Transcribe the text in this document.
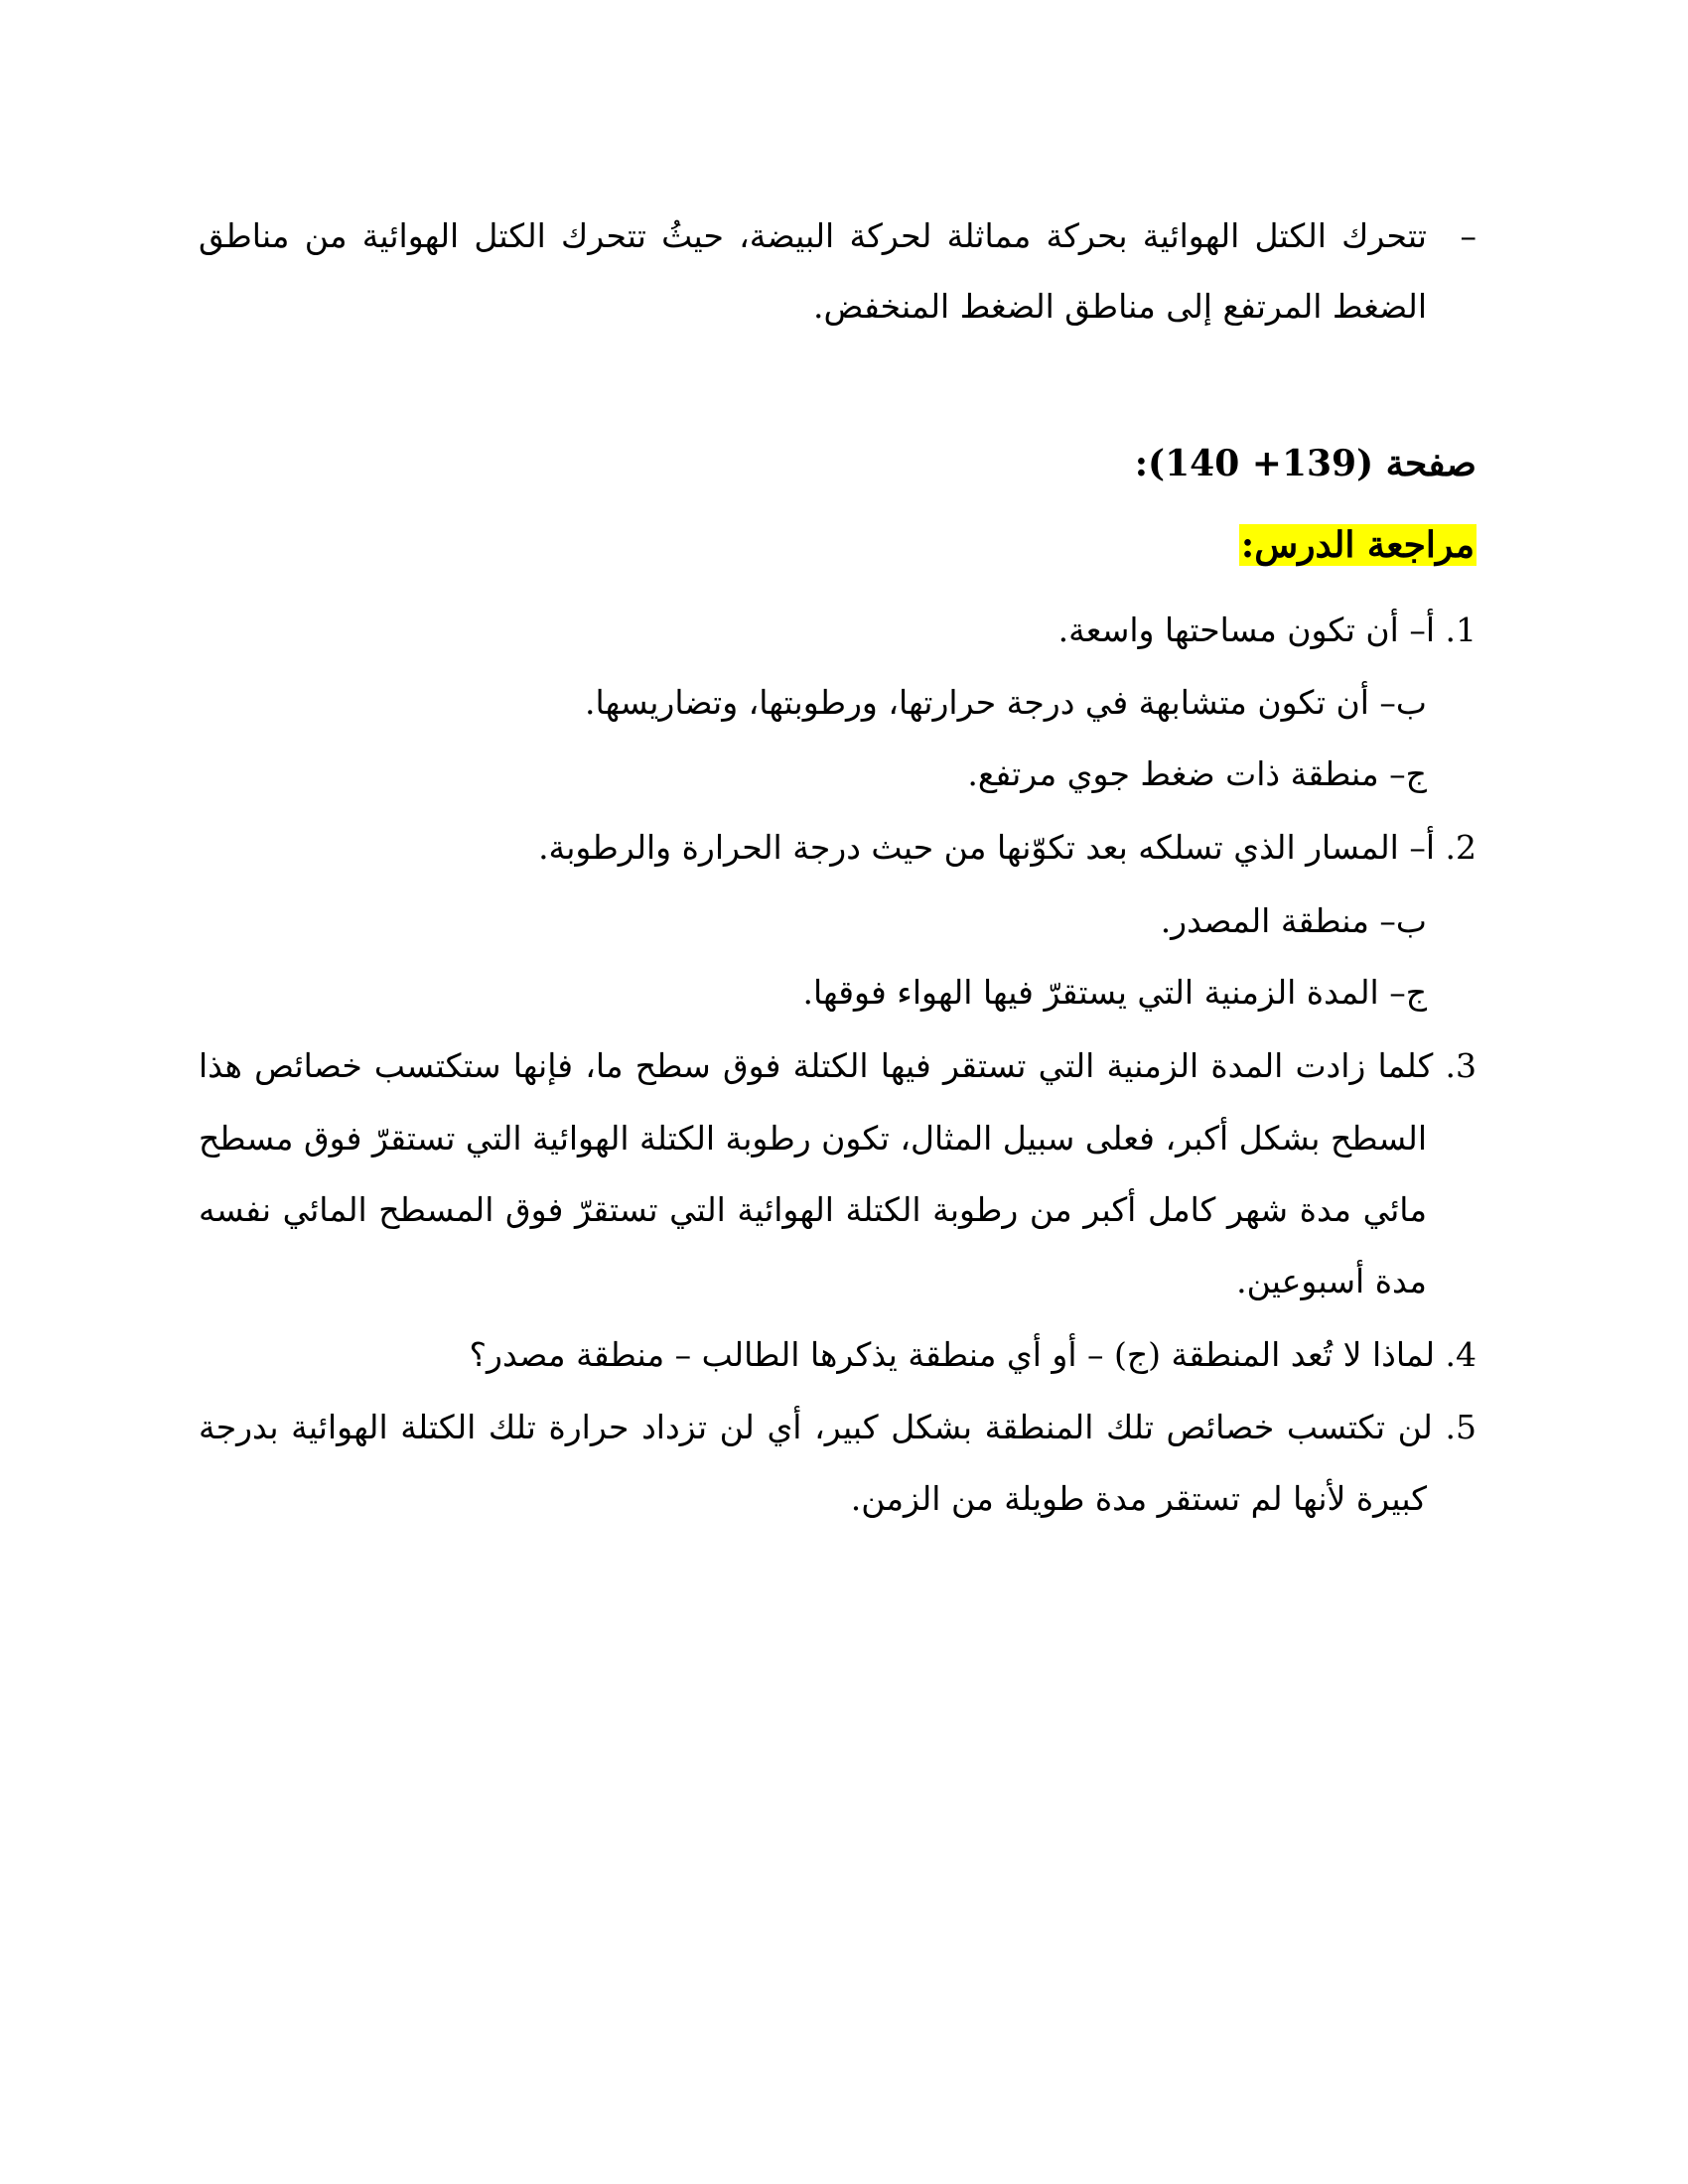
–
تتحرك الكتل الهوائية بحركة مماثلة لحركة البيضة، حيثُ تتحرك الكتل الهوائية من مناطق
الضغط المرتفع إلى مناطق الضغط المنخفض.
صفحة (139+ 140):
مراجعة الدرس:
1. أ– أن تكون مساحتها واسعة.
ب– أن تكون متشابهة في درجة حرارتها، ورطوبتها، وتضاريسها.
ج– منطقة ذات ضغط جوي مرتفع.
2. أ– المسار الذي تسلكه بعد تكوّنها من حيث درجة الحرارة والرطوبة.
ب– منطقة المصدر.
ج– المدة الزمنية التي يستقرّ فيها الهواء فوقها.
3. كلما زادت المدة الزمنية التي تستقر فيها الكتلة فوق سطح ما، فإنها ستكتسب خصائص هذا
السطح بشكل أكبر، فعلى سبيل المثال، تكون رطوبة الكتلة الهوائية التي تستقرّ فوق مسطح
مائي مدة شهر كامل أكبر من رطوبة الكتلة الهوائية التي تستقرّ فوق المسطح المائي نفسه
مدة أسبوعين.
4. لماذا لا تُعد المنطقة (ج) – أو أي منطقة يذكرها الطالب – منطقة مصدر؟
5. لن تكتسب خصائص تلك المنطقة بشكل كبير، أي لن تزداد حرارة تلك الكتلة الهوائية بدرجة
كبيرة لأنها لم تستقر مدة طويلة من الزمن.
